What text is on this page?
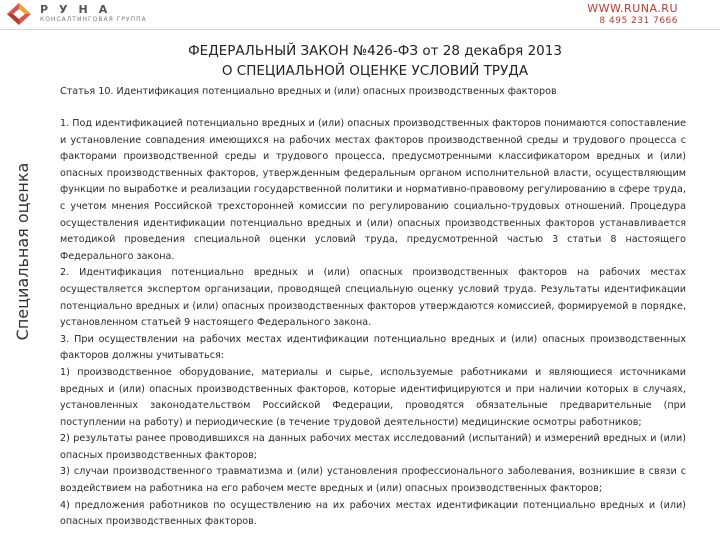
РУНА
КОНСАЛТИНГОВАЯ ГРУППА
WWW.RUNA.RU
8 495 231 7666
Специальная оценка
ФЕДЕРАЛЬНЫЙ ЗАКОН №426-ФЗ от 28 декабря 2013
О СПЕЦИАЛЬНОЙ ОЦЕНКЕ УСЛОВИЙ ТРУДА
Статья 10. Идентификация потенциально вредных и (или) опасных производственных факторов

1. Под идентификацией потенциально вредных и (или) опасных производственных факторов понимаются сопоставление и установление совпадения имеющихся на рабочих местах факторов производственной среды и трудового процесса с факторами производственной среды и трудового процесса, предусмотренными классификатором вредных и (или) опасных производственных факторов, утвержденным федеральным органом исполнительной власти, осуществляющим функции по выработке и реализации государственной политики и нормативно-правовому регулированию в сфере труда, с учетом мнения Российской трехсторонней комиссии по регулированию социально-трудовых отношений. Процедура осуществления идентификации потенциально вредных и (или) опасных производственных факторов устанавливается методикой проведения специальной оценки условий труда, предусмотренной частью 3 статьи 8 настоящего Федерального закона.

2. Идентификация потенциально вредных и (или) опасных производственных факторов на рабочих местах осуществляется экспертом организации, проводящей специальную оценку условий труда. Результаты идентификации потенциально вредных и (или) опасных производственных факторов утверждаются комиссией, формируемой в порядке, установленном статьей 9 настоящего Федерального закона.

3. При осуществлении на рабочих местах идентификации потенциально вредных и (или) опасных производственных факторов должны учитываться:

1) производственное оборудование, материалы и сырье, используемые работниками и являющиеся источниками вредных и (или) опасных производственных факторов, которые идентифицируются и при наличии которых в случаях, установленных законодательством Российской Федерации, проводятся обязательные предварительные (при поступлении на работу) и периодические (в течение трудовой деятельности) медицинские осмотры работников;

2) результаты ранее проводившихся на данных рабочих местах исследований (испытаний) и измерений вредных и (или) опасных производственных факторов;

3) случаи производственного травматизма и (или) установления профессионального заболевания, возникшие в связи с воздействием на работника на его рабочем месте вредных и (или) опасных производственных факторов;

4) предложения работников по осуществлению на их рабочих местах идентификации потенциально вредных и (или) опасных производственных факторов.
